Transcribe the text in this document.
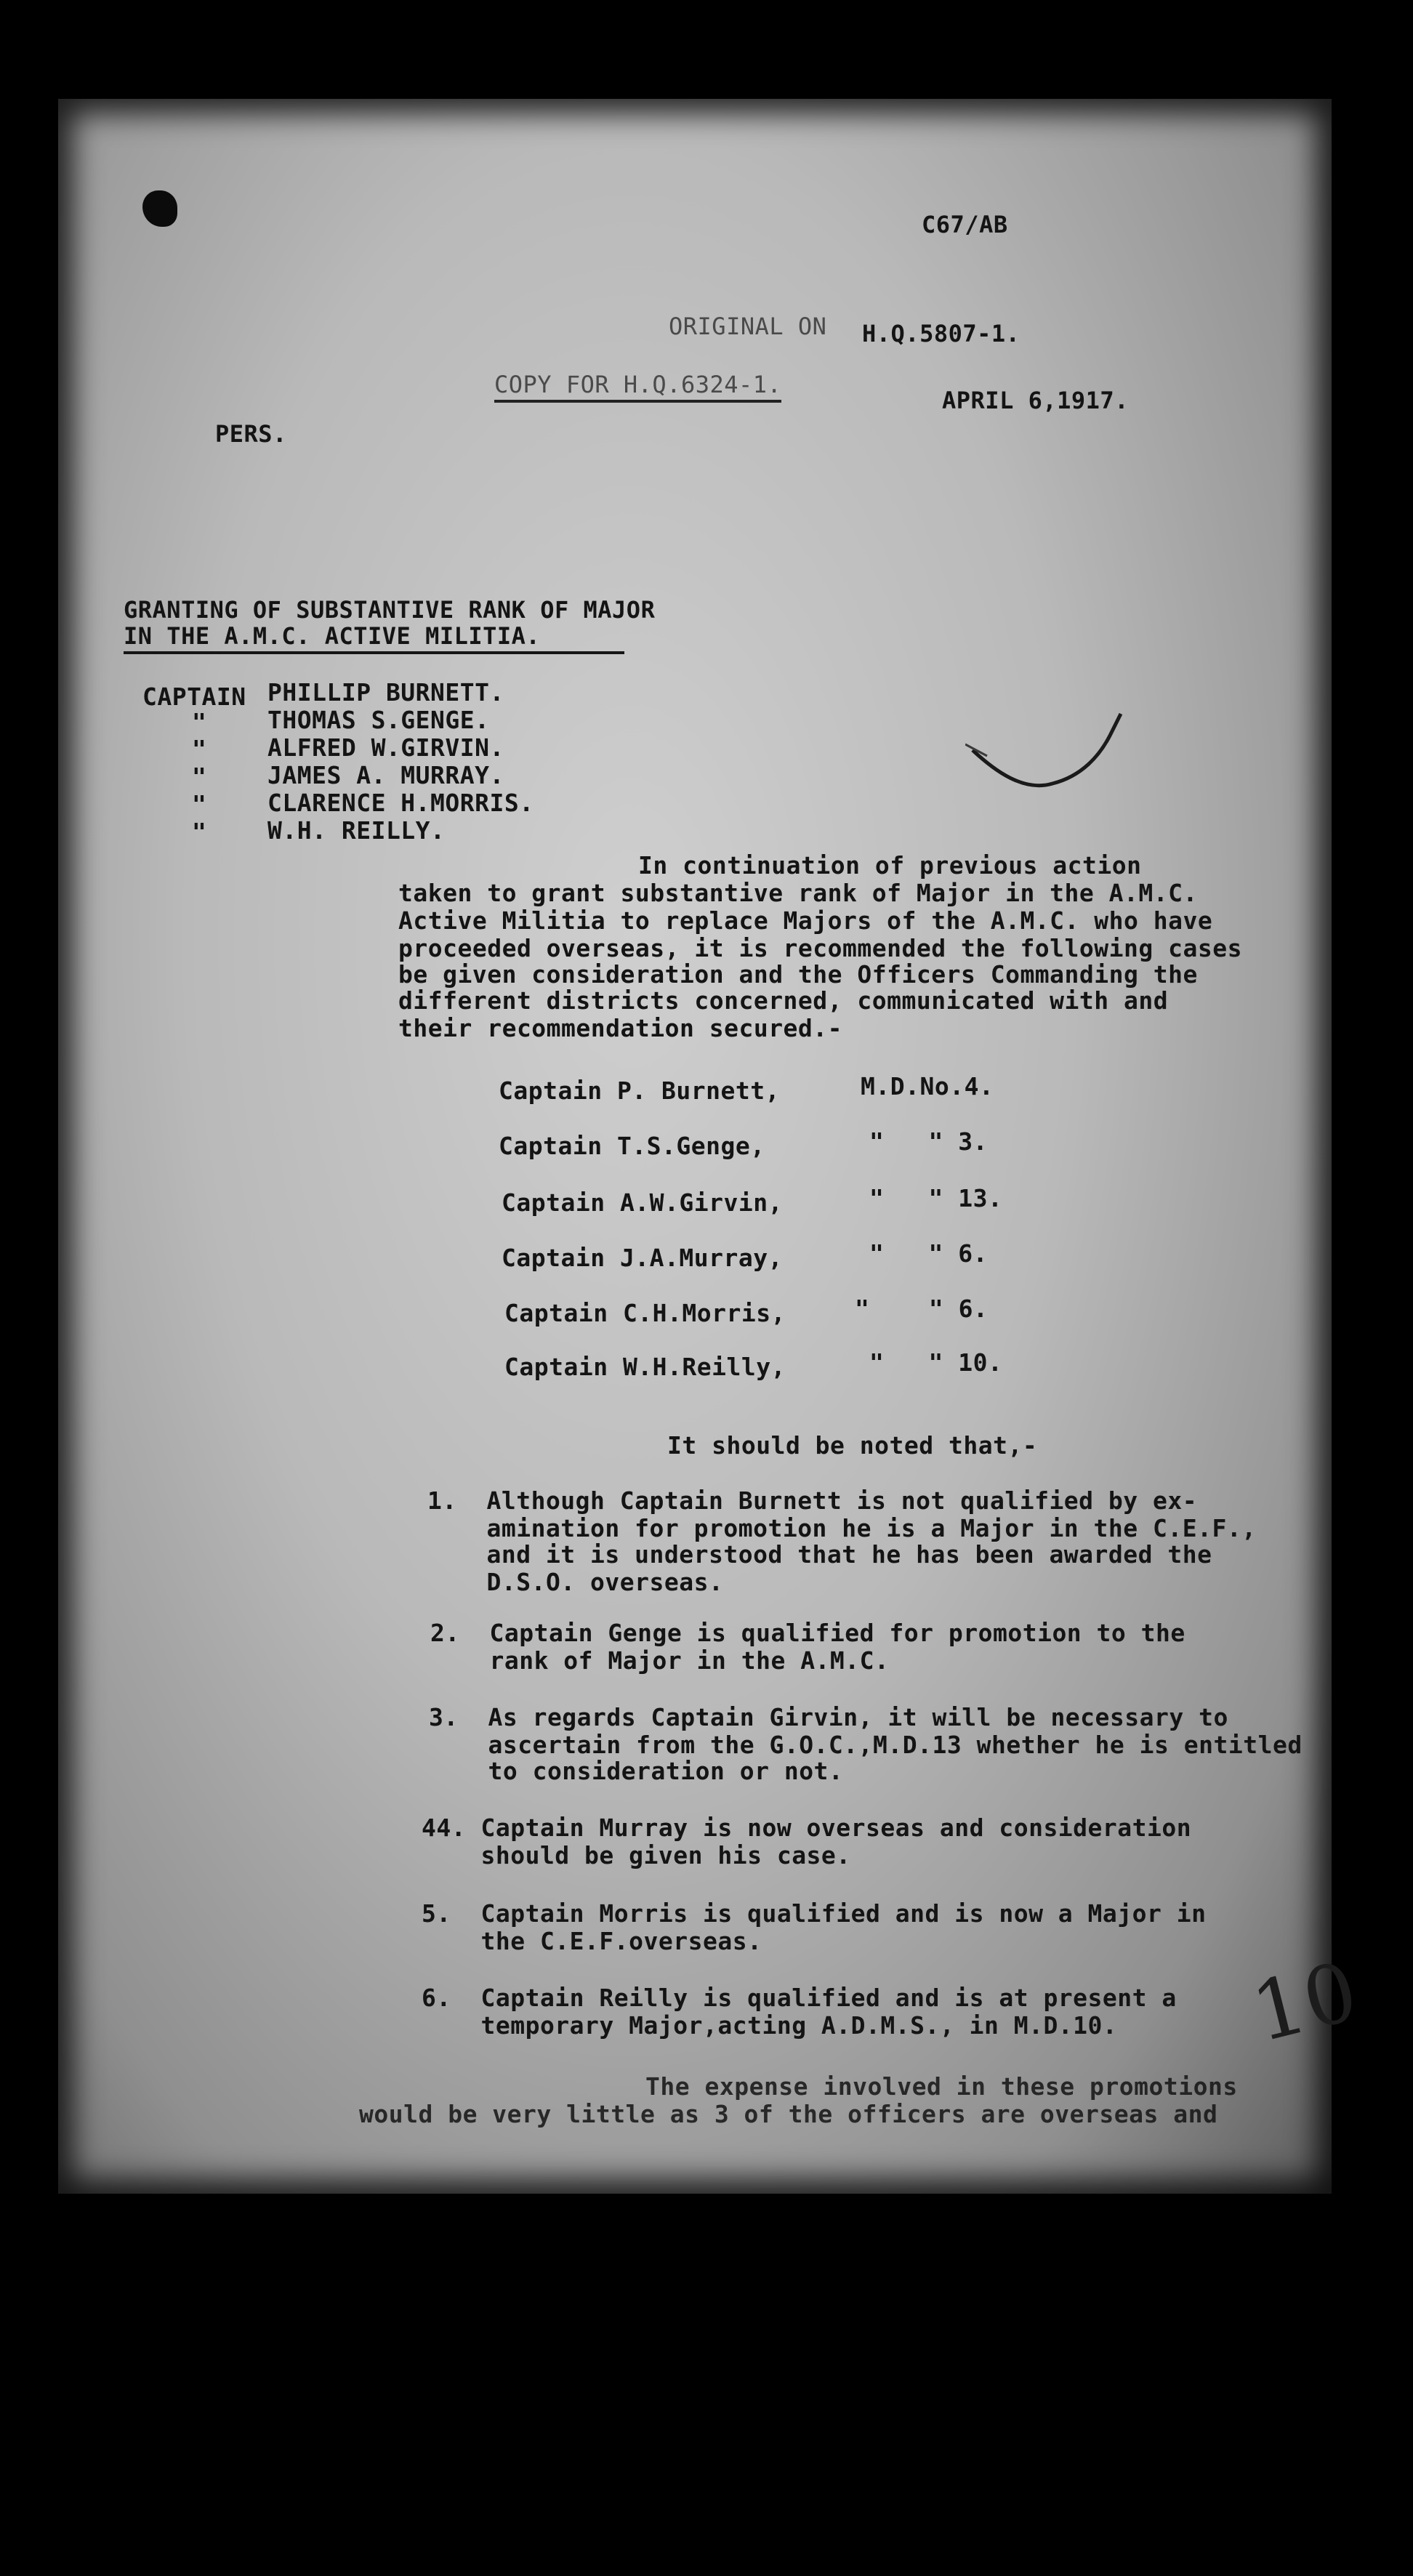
C67/AB
ORIGINAL ON H.Q.5807-1.
COPY FOR H.Q.6324-1.
APRIL 6,1917.
PERS.
GRANTING OF SUBSTANTIVE RANK OF MAJOR
IN THE A.M.C. ACTIVE MILITIA.
CAPTAIN PHILLIP BURNETT.
"	THOMAS S.GENGE.
"	ALFRED W.GIRVIN.
"	JAMES A. MURRAY.
"	CLARENCE H.MORRIS.
"	W.H. REILLY.
In continuation of previous action
taken to grant substantive rank of Major in the A.M.C.
Active Militia to replace Majors of the A.M.C. who have
proceeded overseas, it is recommended the following cases
be given consideration and the Officers Commanding the
different districts concerned, communicated with and
their recommendation secured.-
Captain P. Burnett,	M.D.No.4.
Captain T.S.Genge,	"   " 3.
Captain A.W.Girvin,	"   " 13.
Captain J.A.Murray,	"   " 6.
Captain C.H.Morris,	"    " 6.
Captain W.H.Reilly,	"   " 10.
It should be noted that,-
1.  Although Captain Burnett is not qualified by ex-
amination for promotion he is a Major in the C.E.F.,
and it is understood that he has been awarded the
D.S.O. overseas.
2.  Captain Genge is qualified for promotion to the
rank of Major in the A.M.C.
3.  As regards Captain Girvin, it will be necessary to
ascertain from the G.O.C.,M.D.13 whether he is entitled
to consideration or not.
44. Captain Murray is now overseas and consideration
should be given his case.
5.  Captain Morris is qualified and is now a Major in
the C.E.F.overseas.
6.  Captain Reilly is qualified and is at present a
temporary Major,acting A.D.M.S., in M.D.10.
The expense involved in these promotions
would be very little as 3 of the officers are overseas and
10
